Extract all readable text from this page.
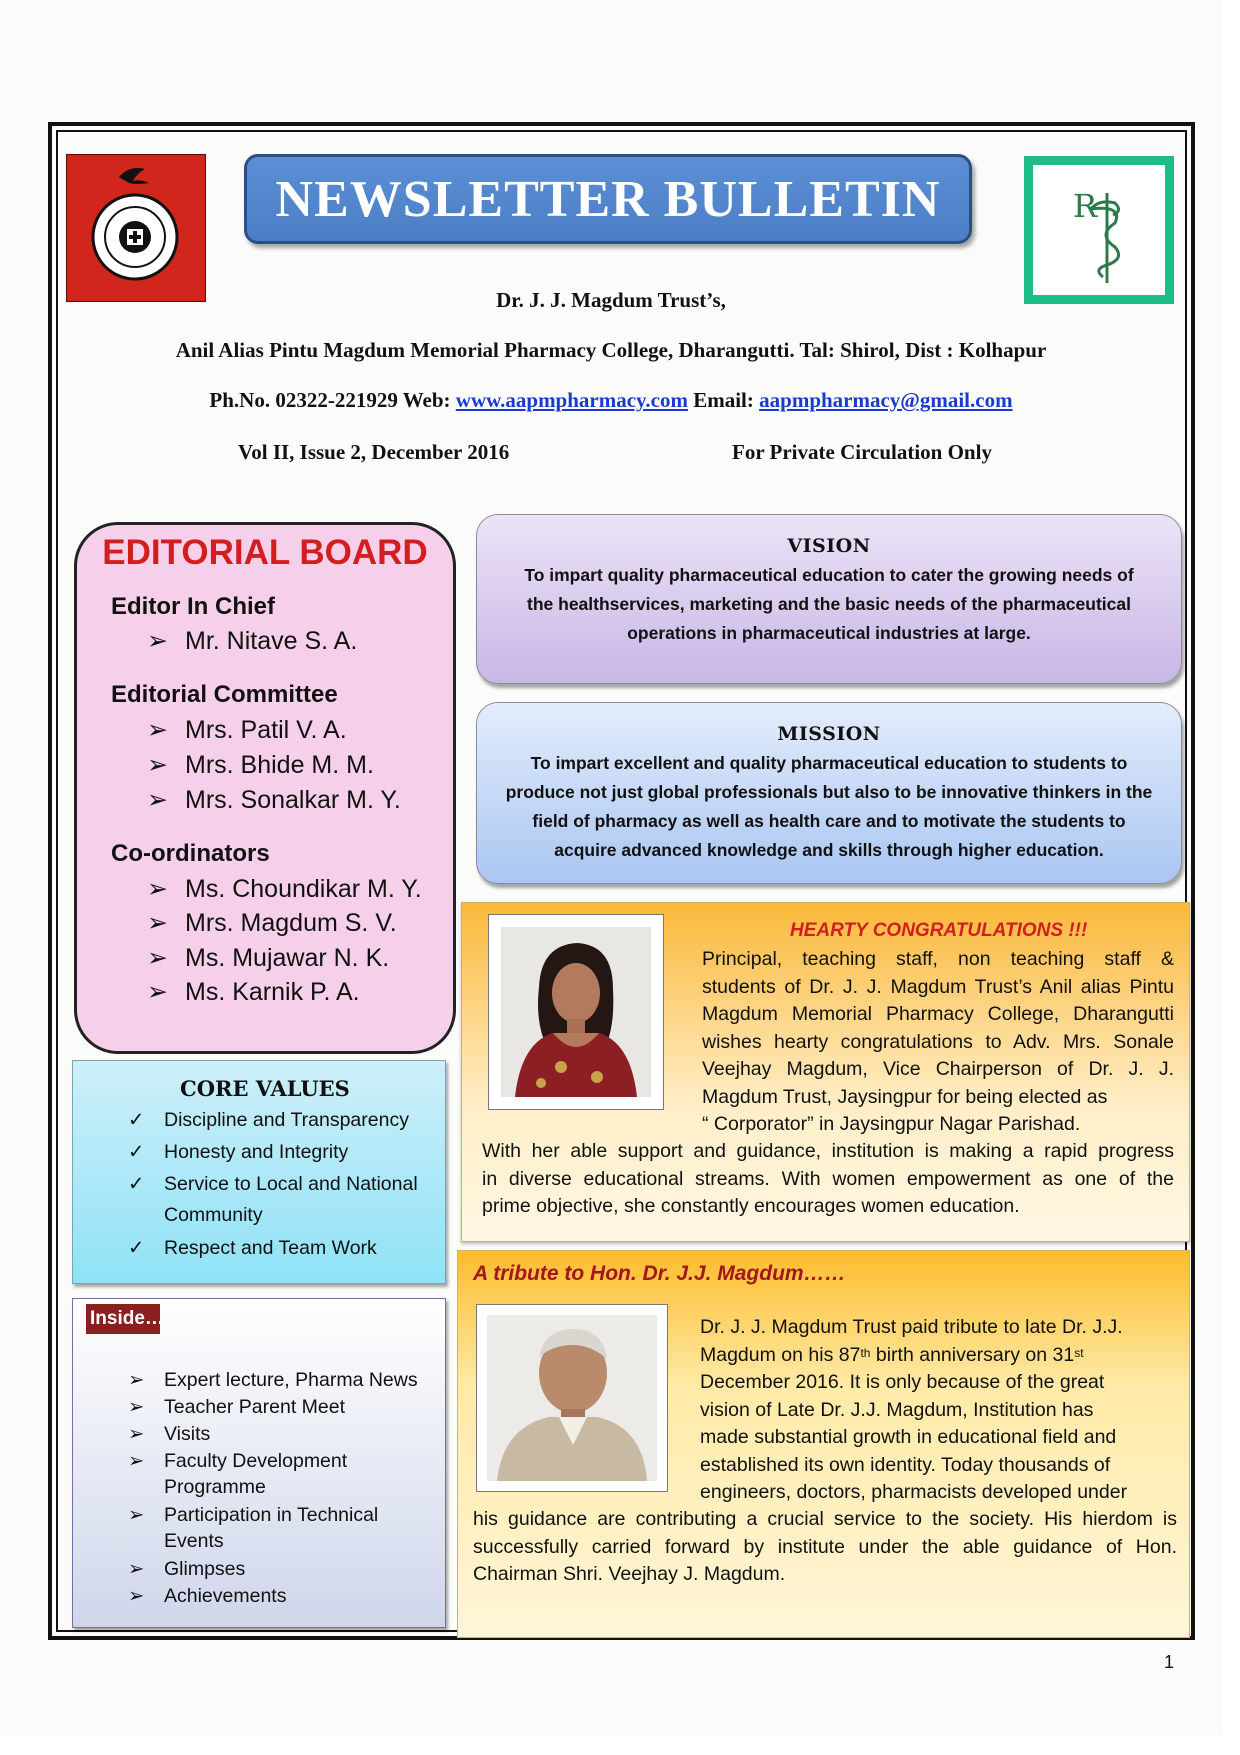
NEWSLETTER BULLETIN	R
Dr. J. J. Magdum Trust’s,
Anil Alias Pintu Magdum Memorial Pharmacy College, Dharangutti. Tal: Shirol, Dist : Kolhapur
Ph.No. 02322-221929 Web: www.aapmpharmacy.com Email: aapmpharmacy@gmail.com
Vol II, Issue 2, December 2016	For Private Circulation Only
EDITORIAL BOARD
Editor In Chief
➢ Mr. Nitave S. A.
Editorial Committee
➢ Mrs. Patil V. A.
➢ Mrs. Bhide M. M.
➢ Mrs. Sonalkar M. Y.
Co-ordinators
➢ Ms. Choundikar M. Y.
➢ Mrs. Magdum S. V.
➢ Ms. Mujawar N. K.
➢ Ms. Karnik P. A.
VISION
To impart quality pharmaceutical education to cater the growing needs of
the healthservices, marketing and the basic needs of the pharmaceutical
operations in pharmaceutical industries at large.
MISSION
To impart excellent and quality pharmaceutical education to students to
produce not just global professionals but also to be innovative thinkers in the
field of pharmacy as well as health care and to motivate the students to
acquire advanced knowledge and skills through higher education.
HEARTY CONGRATULATIONS !!!
Principal, teaching staff, non teaching staff &
students of Dr. J. J. Magdum Trust’s Anil alias Pintu
Magdum Memorial Pharmacy College, Dharangutti
wishes hearty congratulations to Adv. Mrs. Sonale
Veejhay Magdum, Vice Chairperson of Dr. J. J.
Magdum Trust, Jaysingpur for being elected as
“ Corporator” in Jaysingpur Nagar Parishad.
With her able support and guidance, institution is making a rapid progress
in diverse educational streams. With women empowerment as one of the
prime objective, she constantly encourages women education.
A tribute to Hon. Dr. J.J. Magdum……
Dr. J. J. Magdum Trust paid tribute to late Dr. J.J.
Magdum on his 87th birth anniversary on 31st
December 2016. It is only because of the great
vision of Late Dr. J.J. Magdum, Institution has
made substantial growth in educational field and
established its own identity. Today thousands of
engineers, doctors, pharmacists developed under
his guidance are contributing a crucial service to the society. His hierdom is
successfully carried forward by institute under the able guidance of Hon.
Chairman Shri. Veejhay J. Magdum.
CORE VALUES
✓ Discipline and Transparency
✓ Honesty and Integrity
✓ Service to Local and National
Community
✓ Respect and Team Work
Inside…
➢ Expert lecture, Pharma News
➢ Teacher Parent Meet
➢ Visits
➢ Faculty Development
Programme
➢ Participation in Technical
Events
➢ Glimpses
➢ Achievements
1
